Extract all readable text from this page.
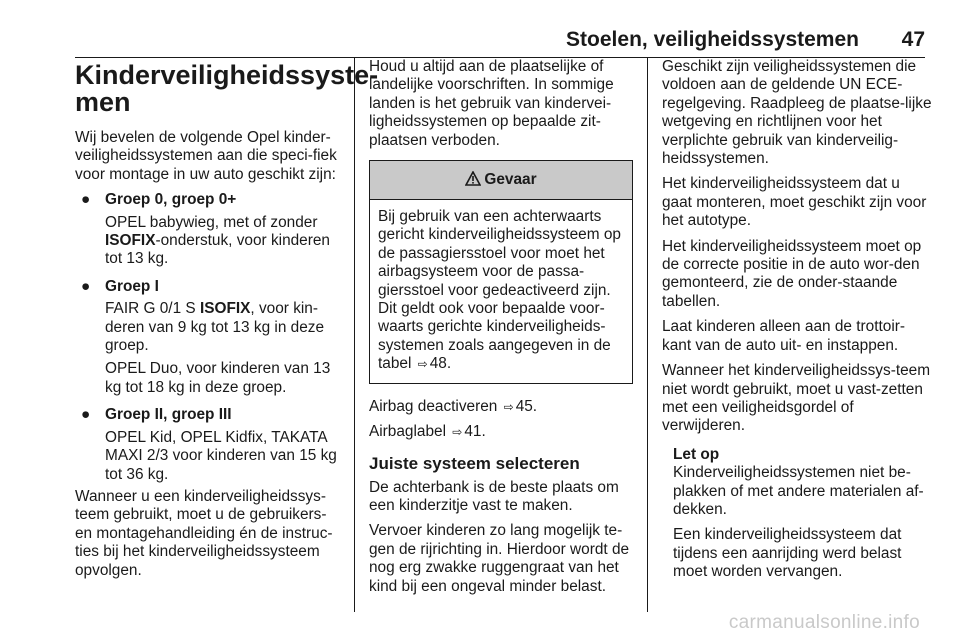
Stoelen, veiligheidssystemen 47
Kinderveiligheidssyste‐
men

Wij bevelen de volgende Opel kinder‐veiligheidssystemen aan die speci‐fiek voor montage in uw auto geschikt zijn:

● Groep 0, groep 0+
OPEL babywieg, met of zonder ISOFIX-onderstuk, voor kinderen tot 13 kg.
● Groep I
FAIR G 0/1 S ISOFIX, voor kin‐deren van 9 kg tot 13 kg in deze groep.
OPEL Duo, voor kinderen van 13 kg tot 18 kg in deze groep.
● Groep II, groep III
OPEL Kid, OPEL Kidfix, TAKATA MAXI 2/3 voor kinderen van 15 kg tot 36 kg.

Wanneer u een kinderveiligheidssys‐teem gebruikt, moet u de gebruikers‐en montagehandleiding én de instruc‐ties bij het kinderveiligheidssysteem opvolgen.

Houd u altijd aan de plaatselijke of landelijke voorschriften. In sommige landen is het gebruik van kindervei‐ligheidssystemen op bepaalde zit‐plaatsen verboden.

Gevaar
Bij gebruik van een achterwaarts gericht kinderveiligheidssysteem op de passagiersstoel voor moet het airbagsysteem voor de passa‐giersstoel voor gedeactiveerd zijn. Dit geldt ook voor bepaalde voor‐waarts gerichte kinderveiligheids‐systemen zoals aangegeven in de tabel ⇨ 48.

Airbag deactiveren ⇨ 45.

Airbaglabel ⇨ 41.

Juiste systeem selecteren

De achterbank is de beste plaats om een kinderzitje vast te maken.

Vervoer kinderen zo lang mogelijk te‐gen de rijrichting in. Hierdoor wordt de nog erg zwakke ruggengraat van het kind bij een ongeval minder belast.

Geschikt zijn veiligheidssystemen die voldoen aan de geldende UN ECE-regelgeving. Raadpleeg de plaatse‐lijke wetgeving en richtlijnen voor het verplichte gebruik van kinderveilig‐heidssystemen.

Het kinderveiligheidssysteem dat u gaat monteren, moet geschikt zijn voor het autotype.

Het kinderveiligheidssysteem moet op de correcte positie in de auto wor‐den gemonteerd, zie de onder‐staande tabellen.

Laat kinderen alleen aan de trottoir‐kant van de auto uit- en instappen.

Wanneer het kinderveiligheidssys‐teem niet wordt gebruikt, moet u vast‐zetten met een veiligheidsgordel of verwijderen.

Let op

Kinderveiligheidssystemen niet be‐plakken of met andere materialen af‐dekken.

Een kinderveiligheidssysteem dat tijdens een aanrijding werd belast moet worden vervangen.

carmanualsonline.info
